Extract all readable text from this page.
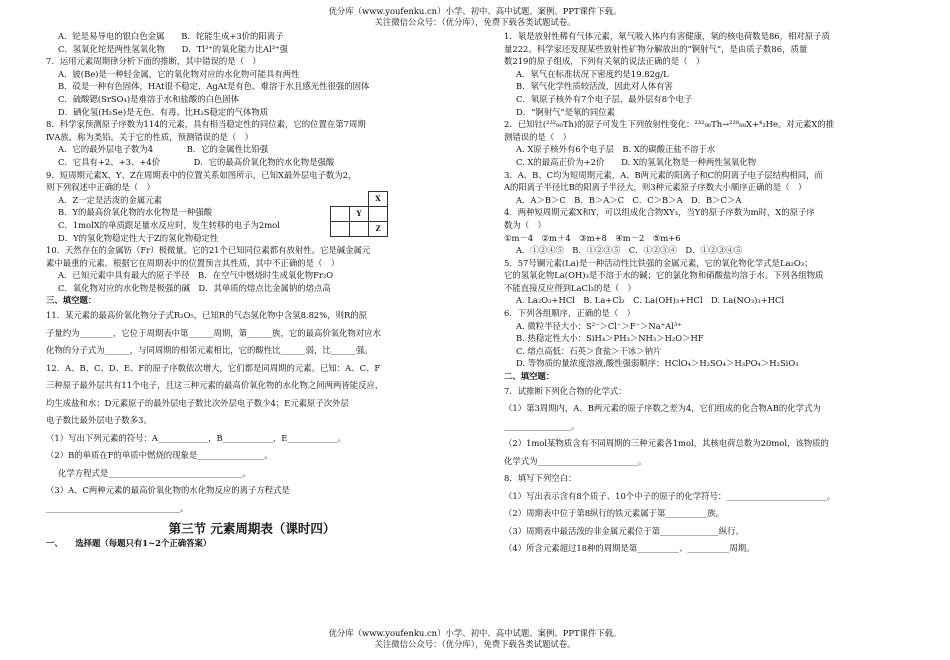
优分库（www.youfenku.cn）小学、初中、高中试题、案例、PPT课件下载。
关注微信公众号：（优分库），免费下载各类试题试卷。
A．铊是易导电的银白色金属　　B．铊能生成+3价的阳离子
C．氢氧化铊是两性氢氧化物　　D．Tl³⁺的氧化能力比Al³⁺强
7．运用元素周期律分析下面的推断，其中错误的是（　）
A．铍(Be)是一种轻金属，它的氧化物对应的水化物可能具有两性
B．砹是一种有色固体，HAt很不稳定，AgAt是有色、难溶于水且感光性很强的固体
C．硫酸锶(SrSO₄)是难溶于水和盐酸的白色固体
D．硒化氢(H₂Se)是无色、有毒、比H₂S稳定的气体物质
8．科学家预测原子序数为114的元素，具有相当稳定性的同位素，它的位置在第7周期
ⅣA族，称为类铅。关于它的性质，预测错误的是（　）
A．它的最外层电子数为4　　　　B．它的金属性比铅强
C．它具有+2、+3、+4价　　　　D．它的最高价氧化物的水化物是强酸
9．短周期元素X、Y、Z在周期表中的位置关系如图所示，已知X最外层电子数为2，
则下列叙述中正确的是（　）
A．Z一定是活泼的金属元素
B．Y的最高价氧化物的水化物是一种强酸
C．1molX的单质跟足量水反应时，发生转移的电子为2mol
D．Y的氢化物稳定性大于Z的氢化物稳定性
10．天然存在的金属钫（Fr）极微量。它的21个已知同位素都有放射性。它是碱金属元
素中最重的元素。根据它在周期表中的位置预言其性质，其中不正确的是（　）
A．已知元素中具有最大的原子半径　B．在空气中燃烧时生成氧化物Fr₂O
C．氧化物对应的水化物是极强的碱　D．其单质的熔点比金属钠的熔点高
三、填空题：
11．某元素的最高价氧化物分子式R₂O₅，已知R的气态氢化物中含氢8.82%，则R的原
子量约为________，它位于周期表中第______周期，第______族，它的最高价氧化物对应水
化物的分子式为______，与同周期的相邻元素相比，它的酸性比______弱，比______强。
12．A、B、C、D、E、F的原子序数依次增大，它们都是同周期的元素。已知：A、C、F
三种原子最外层共有11个电子，且这三种元素的最高价氧化物的水化物之间两两皆能反应，
均生成盐和水；D元素原子的最外层电子数比次外层电子数少4；E元素原子次外层
电子数比最外层电子数多3。
（1）写出下列元素的符号：A____________，B____________，E____________。
（2）B的单质在F的单质中燃烧的现象是________________。
化学方程式是________________________________。
（3）A、C两种元素的最高价氧化物的水化物反应的离子方程式是
________________________________。
第三节 元素周期表（课时四）
一、　　选择题（每题只有1~2个正确答案）
		X
	Y	
		Z
1．氡是放射性稀有气体元素，氡气吸入体内有害健康，氡的核电荷数是86，相对原子质
量222。科学家还发现某些放射性矿物分解放出的“锕射气”，是由质子数86，质量
数219的原子组成，下列有关氡的说法正确的是（　）
A．氡气在标准状况下密度约是19.82g/L
B．氡气化学性质较活泼，因此对人体有害
C．氡原子核外有7个电子层，最外层有8个电子
D．“锕射气”是氡的同位素
2．已知钍(²³²₉₀Th)的原子可发生下列放射性变化：²³²₉₀Th→²²⁸₈₈X+⁴₂He。对元素X的推
测错误的是（　）
A. X原子核外有6个电子层　B. X的碳酸正盐不溶于水
C. X的最高正价为+2价　　D. X的氢氧化物是一种两性氢氧化物
3．A、B、C均为短周期元素，A、B两元素的阳离子和C的阴离子电子层结构相同，而
A的阳离子半径比B的阳离子半径大，则3种元素原子序数大小顺序正确的是（　）
A．A＞B＞C　B．B＞A＞C　C．C＞B＞A　D．B＞C＞A
4．两种短周期元素X和Y，可以组成化合物XY₃，当Y的原子序数为m时，X的原子序
数为（　）
①m－4　②m＋4　③m+8　④m－2　⑤m+6
A．①②④⑤　B．①②③⑤　C．①②③④　D．①②③④⑤
5．57号镧元素(La)是一种活动性比铁强的金属元素，它的氧化物化学式是La₂O₃；
它的氢氧化物La(OH)₃是不溶于水的碱；它的氯化物和硝酸盐均溶于水。下列各组物质
不能直接反应得到LaCl₃的是（　）
A. La₂O₃+HCl　B. La+Cl₂　C. La(OH)₃+HCl　D. La(NO₃)₃+HCl
6．下列各组顺序，正确的是（　）
A. 微粒半径大小：S²⁻＞Cl⁻＞F⁻＞Na⁺Al³⁺
B. 热稳定性大小：SiH₄＞PH₃＞NH₃＞H₂O＞HF
C. 熔点高低：石英＞食盐＞干冰＞钠片
D. 等物质的量浓度溶液,酸性强弱顺序：HClO₄＞H₂SO₄＞H₃PO₄＞H₂SiO₃
二、填空题：
7．试推断下列化合物的化学式：
（1）第3周期内，A．B两元素的原子序数之差为4，它们组成的化合物AB的化学式为
________________。
（2）1mol某物质含有不同周期的三种元素各1mol，其核电荷总数为20mol，该物质的
化学式为________________________。
8．填写下列空白：
（1）写出表示含有8个质子、10个中子的原子的化学符号：________________________。
（2）周期表中位于第8纵行的铁元素属于第__________族。
（3）周期表中最活泼的非金属元素位于第______________纵行。
（4）所含元素超过18种的周期是第__________、__________周期。
优分库（www.youfenku.cn）小学、初中、高中试题、案例、PPT课件下载。
关注微信公众号：（优分库），免费下载各类试题试卷。
